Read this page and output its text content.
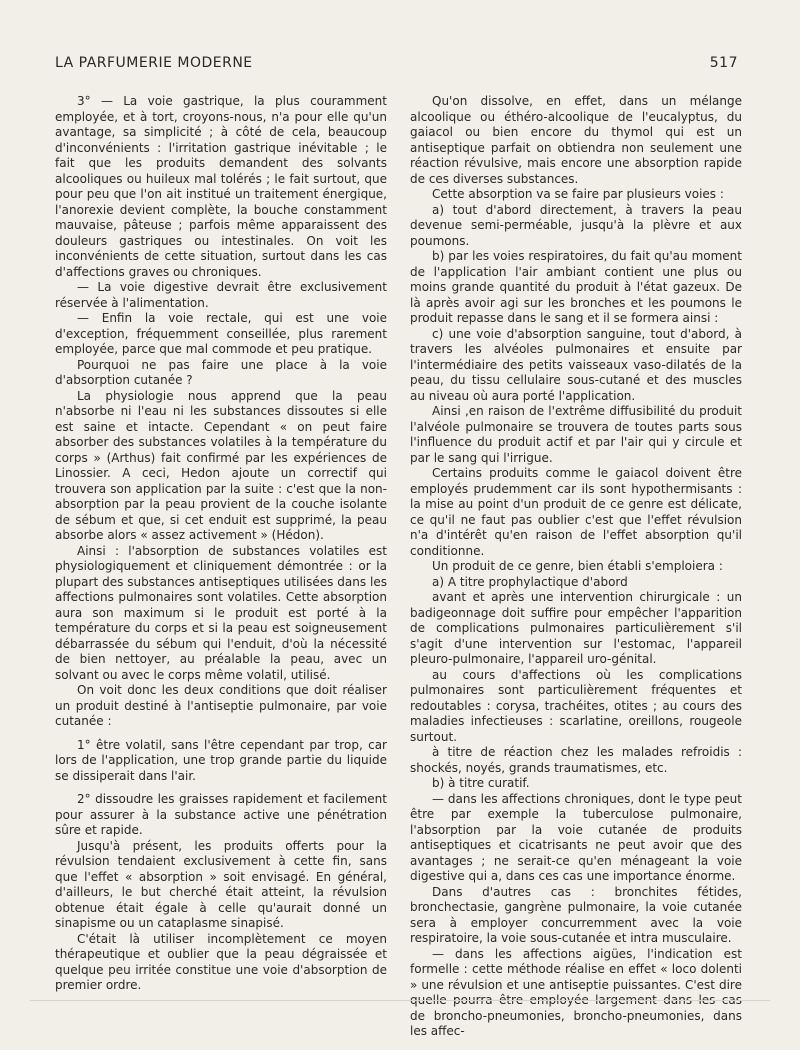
LA PARFUMERIE MODERNE	517

3° — La voie gastrique, la plus couramment employée, et à tort, croyons-nous, n'a pour elle qu'un avantage, sa simplicité ; à côté de cela, beaucoup d'inconvénients : l'irritation gastrique inévitable ; le fait que les produits demandent des solvants alcooliques ou huileux mal tolérés ; le fait surtout, que pour peu que l'on ait institué un traitement énergique, l'anorexie devient complète, la bouche constamment mauvaise, pâteuse ; parfois même apparaissent des douleurs gastriques ou intestinales. On voit les inconvénients de cette situation, surtout dans les cas d'affections graves ou chroniques.

— La voie digestive devrait être exclusivement réservée à l'alimentation.

— Enfin la voie rectale, qui est une voie d'exception, fréquemment conseillée, plus rarement employée, parce que mal commode et peu pratique.

Pourquoi ne pas faire une place à la voie d'absorption cutanée ?

La physiologie nous apprend que la peau n'absorbe ni l'eau ni les substances dissoutes si elle est saine et intacte. Cependant « on peut faire absorber des substances volatiles à la température du corps » (Arthus) fait confirmé par les expériences de Linossier. A ceci, Hedon ajoute un correctif qui trouvera son application par la suite : c'est que la non-absorption par la peau provient de la couche isolante de sébum et que, si cet enduit est supprimé, la peau absorbe alors « assez activement » (Hédon).

Ainsi : l'absorption de substances volatiles est physiologiquement et cliniquement démontrée : or la plupart des substances antiseptiques utilisées dans les affections pulmonaires sont volatiles. Cette absorption aura son maximum si le produit est porté à la température du corps et si la peau est soigneusement débarrassée du sébum qui l'enduit, d'où la nécessité de bien nettoyer, au préalable la peau, avec un solvant ou avec le corps même volatil, utilisé.

On voit donc les deux conditions que doit réaliser un produit destiné à l'antiseptie pulmonaire, par voie cutanée :

1° être volatil, sans l'être cependant par trop, car lors de l'application, une trop grande partie du liquide se dissiperait dans l'air.

2° dissoudre les graisses rapidement et facilement pour assurer à la substance active une pénétration sûre et rapide.

Jusqu'à présent, les produits offerts pour la révulsion tendaient exclusivement à cette fin, sans que l'effet « absorption » soit envisagé. En général, d'ailleurs, le but cherché était atteint, la révulsion obtenue était égale à celle qu'aurait donné un sinapisme ou un cataplasme sinapisé.

C'était là utiliser incomplètement ce moyen thérapeutique et oublier que la peau dégraissée et quelque peu irritée constitue une voie d'absorption de premier ordre.

Qu'on dissolve, en effet, dans un mélange alcoolique ou éthéro-alcoolique de l'eucalyptus, du gaiacol ou bien encore du thymol qui est un antiseptique parfait on obtiendra non seulement une réaction révulsive, mais encore une absorption rapide de ces diverses substances.

Cette absorption va se faire par plusieurs voies :

a) tout d'abord directement, à travers la peau devenue semi-perméable, jusqu'à la plèvre et aux poumons.

b) par les voies respiratoires, du fait qu'au moment de l'application l'air ambiant contient une plus ou moins grande quantité du produit à l'état gazeux. De là après avoir agi sur les bronches et les poumons le produit repasse dans le sang et il se formera ainsi :

c) une voie d'absorption sanguine, tout d'abord, à travers les alvéoles pulmonaires et ensuite par l'intermédiaire des petits vaisseaux vaso-dilatés de la peau, du tissu cellulaire sous-cutané et des muscles au niveau où aura porté l'application.

Ainsi ,en raison de l'extrême diffusibilité du produit l'alvéole pulmonaire se trouvera de toutes parts sous l'influence du produit actif et par l'air qui y circule et par le sang qui l'irrigue.

Certains produits comme le gaiacol doivent être employés prudemment car ils sont hypothermisants : la mise au point d'un produit de ce genre est délicate, ce qu'il ne faut pas oublier c'est que l'effet révulsion n'a d'intérêt qu'en raison de l'effet absorption qu'il conditionne.

Un produit de ce genre, bien établi s'emploiera :

a) A titre prophylactique d'abord

avant et après une intervention chirurgicale : un badigeonnage doit suffire pour empêcher l'apparition de complications pulmonaires particulièrement s'il s'agit d'une intervention sur l'estomac, l'appareil pleuro-pulmonaire, l'appareil uro-génital.

au cours d'affections où les complications pulmonaires sont particulièrement fréquentes et redoutables : corysa, trachéites, otites ; au cours des maladies infectieuses : scarlatine, oreillons, rougeole surtout.

à titre de réaction chez les malades refroidis : shockés, noyés, grands traumatismes, etc.

b) à titre curatif.

— dans les affections chroniques, dont le type peut être par exemple la tuberculose pulmonaire, l'absorption par la voie cutanée de produits antiseptiques et cicatrisants ne peut avoir que des avantages ; ne serait-ce qu'en ménageant la voie digestive qui a, dans ces cas une importance énorme.

Dans d'autres cas : bronchites fétides, bronchectasie, gangrène pulmonaire, la voie cutanée sera à employer concurremment avec la voie respiratoire, la voie sous-cutanée et intra musculaire.

— dans les affections aigües, l'indication est formelle : cette méthode réalise en effet « loco dolenti » une révulsion et une antiseptie puissantes. C'est dire quelle pourra être employée largement dans les cas de broncho-pneumonies, broncho-pneumonies, dans les affec-
